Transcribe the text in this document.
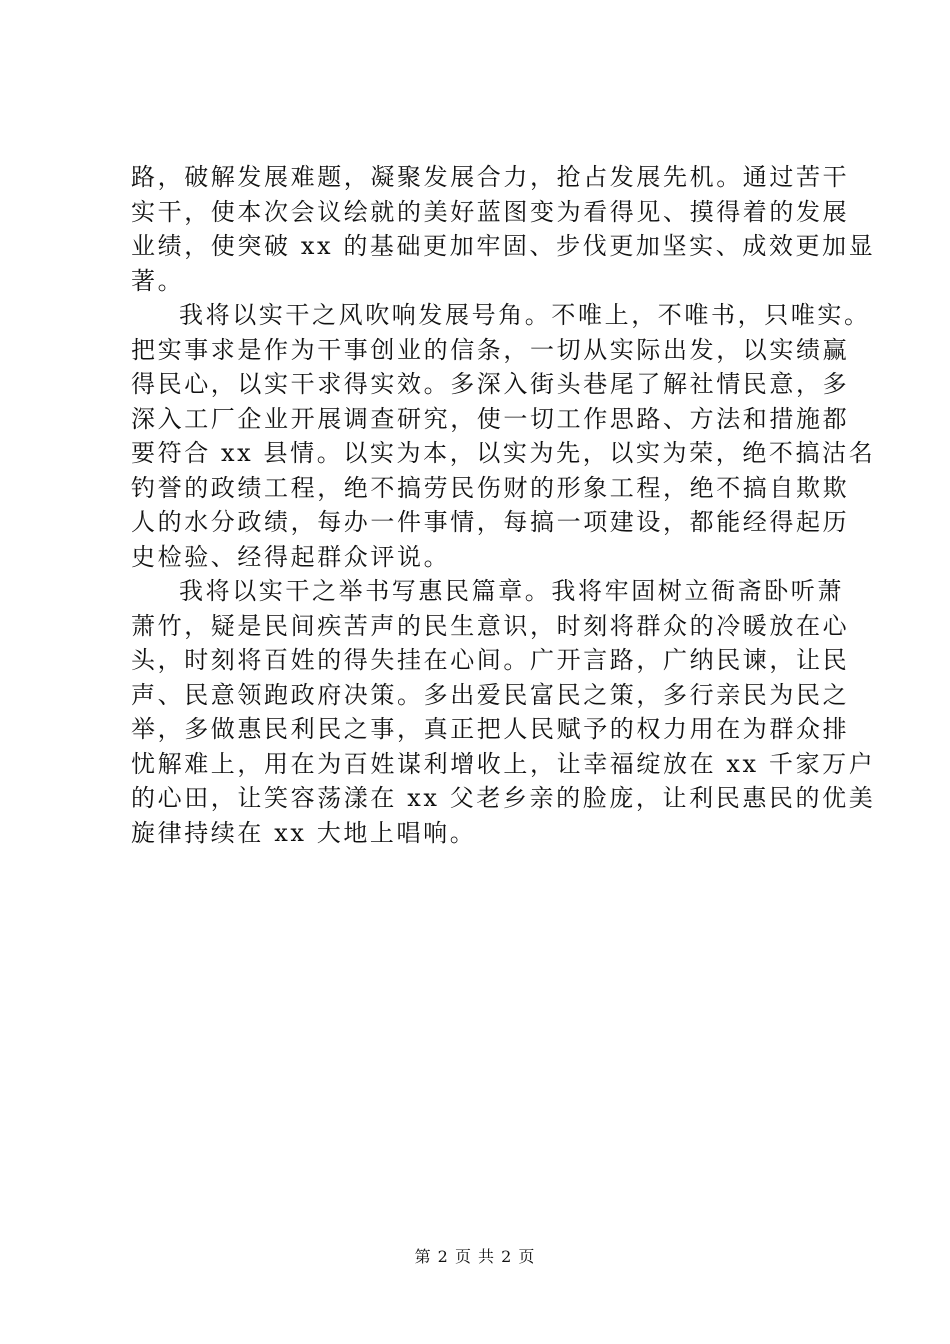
路，破解发展难题，凝聚发展合力，抢占发展先机。通过苦干
实干，使本次会议绘就的美好蓝图变为看得见、摸得着的发展
业绩，使突破 xx 的基础更加牢固、步伐更加坚实、成效更加显
著。
我将以实干之风吹响发展号角。不唯上，不唯书，只唯实。
把实事求是作为干事创业的信条，一切从实际出发，以实绩赢
得民心，以实干求得实效。多深入街头巷尾了解社情民意，多
深入工厂企业开展调查研究，使一切工作思路、方法和措施都
要符合 xx 县情。以实为本，以实为先，以实为荣，绝不搞沽名
钓誉的政绩工程，绝不搞劳民伤财的形象工程，绝不搞自欺欺
人的水分政绩，每办一件事情，每搞一项建设，都能经得起历
史检验、经得起群众评说。
我将以实干之举书写惠民篇章。我将牢固树立衙斋卧听萧
萧竹，疑是民间疾苦声的民生意识，时刻将群众的冷暖放在心
头，时刻将百姓的得失挂在心间。广开言路，广纳民谏，让民
声、民意领跑政府决策。多出爱民富民之策，多行亲民为民之
举，多做惠民利民之事，真正把人民赋予的权力用在为群众排
忧解难上，用在为百姓谋利增收上，让幸福绽放在 xx 千家万户
的心田，让笑容荡漾在 xx 父老乡亲的脸庞，让利民惠民的优美
旋律持续在 xx 大地上唱响。
第 2 页 共 2 页
